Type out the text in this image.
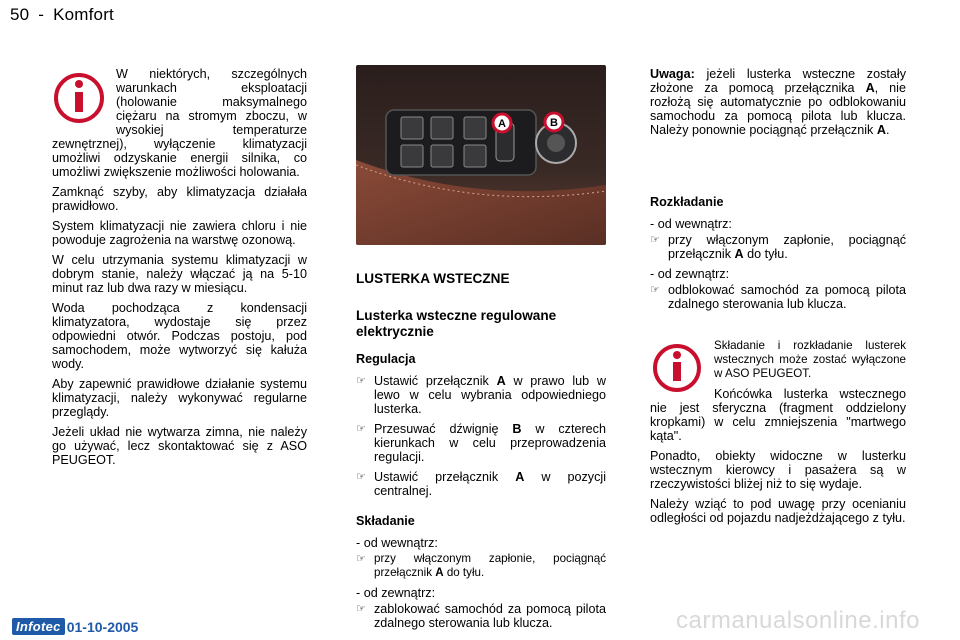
50 - Komfort

W niektórych, szczególnych warunkach eksploatacji (holowanie maksymalnego ciężaru na stromym zboczu, w wysokiej temperaturze zewnętrznej), wyłączenie klimatyzacji umożliwi odzyskanie energii silnika, co umożliwi zwiększenie możliwości holowania.

Zamknąć szyby, aby klimatyzacja działała prawidłowo.

System klimatyzacji nie zawiera chloru i nie powoduje zagrożenia na warstwę ozonową.

W celu utrzymania systemu klimatyzacji w dobrym stanie, należy włączać ją na 5-10 minut raz lub dwa razy w miesiącu.

Woda pochodząca z kondensacji klimatyzatora, wydostaje się przez odpowiedni otwór. Podczas postoju, pod samochodem, może wytworzyć się kałuża wody.

Aby zapewnić prawidłowe działanie systemu klimatyzacji, należy wykonywać regularne przeglądy.

Jeżeli układ nie wytwarza zimna, nie należy go używać, lecz skontaktować się z ASO PEUGEOT.

A	B
LUSTERKA WSTECZNE
Lusterka wsteczne regulowane elektrycznie
Regulacja
☞ Ustawić przełącznik A w prawo lub w lewo w celu wybrania odpowiedniego lusterka.
☞ Przesuwać dźwignię B w czterech kierunkach w celu przeprowadzenia regulacji.
☞ Ustawić przełącznik A w pozycji centralnej.
Składanie
- od wewnątrz:
☞ przy włączonym zapłonie, pociągnąć przełącznik A do tyłu.
- od zewnątrz:
☞ zablokować samochód za pomocą pilota zdalnego sterowania lub klucza.

Uwaga: jeżeli lusterka wsteczne zostały złożone za pomocą przełącznika A, nie rozłożą się automatycznie po odblokowaniu samochodu za pomocą pilota lub klucza. Należy ponownie pociągnąć przełącznik A.

Rozkładanie
- od wewnątrz:
☞ przy włączonym zapłonie, pociągnąć przełącznik A do tyłu.
- od zewnątrz:
☞ odblokować samochód za pomocą pilota zdalnego sterowania lub klucza.

Składanie i rozkładanie lusterek wstecznych może zostać wyłączone w ASO PEUGEOT.

Końcówka lusterka wstecznego nie jest sferyczna (fragment oddzielony kropkami) w celu zmniejszenia "martwego kąta".

Ponadto, obiekty widoczne w lusterku wstecznym kierowcy i pasażera są w rzeczywistości bliżej niż to się wydaje.

Należy wziąć to pod uwagę przy ocenianiu odległości od pojazdu nadjeżdżającego z tyłu.

Infotec 01-10-2005	carmanualsonline.info
